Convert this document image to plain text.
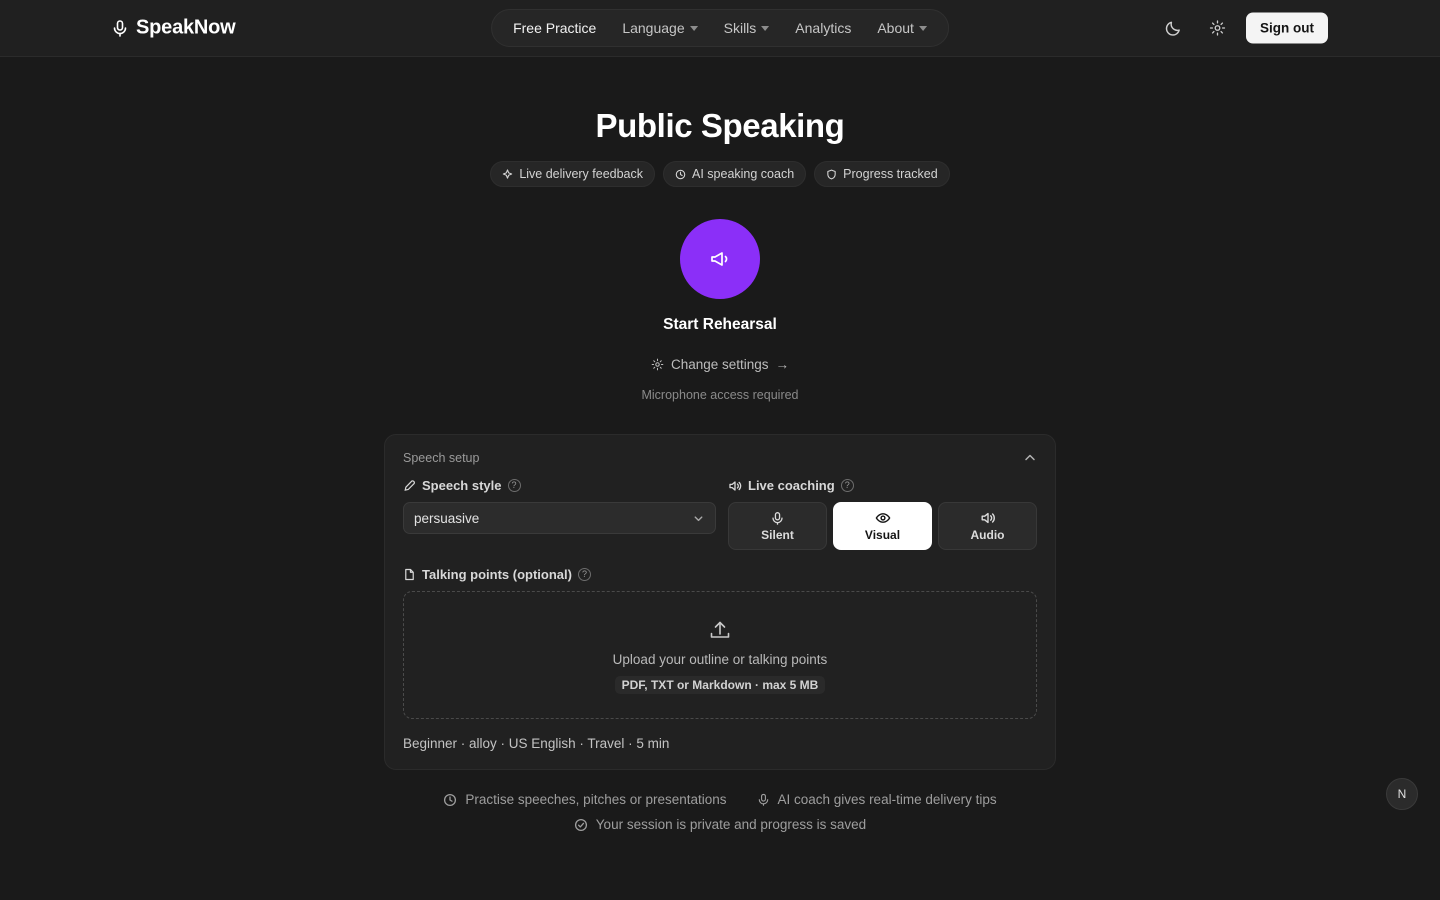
SpeakNow	Free Practice Language	Skills	Analytics About	Sign out
Public Speaking
Live delivery feedback	AI speaking coach	Progress tracked
Start Rehearsal
Change settings →
Microphone access required
Speech setup
Speech style	?
persuasive
Live coaching	?
Silent	Visual	Audio
Talking points (optional)	?
Upload your outline or talking points
PDF, TXT or Markdown · max 5 MB
Beginner · alloy · US English · Travel · 5 min
Practise speeches, pitches or presentations	AI coach gives real-time delivery tips
Your session is private and progress is saved
N
